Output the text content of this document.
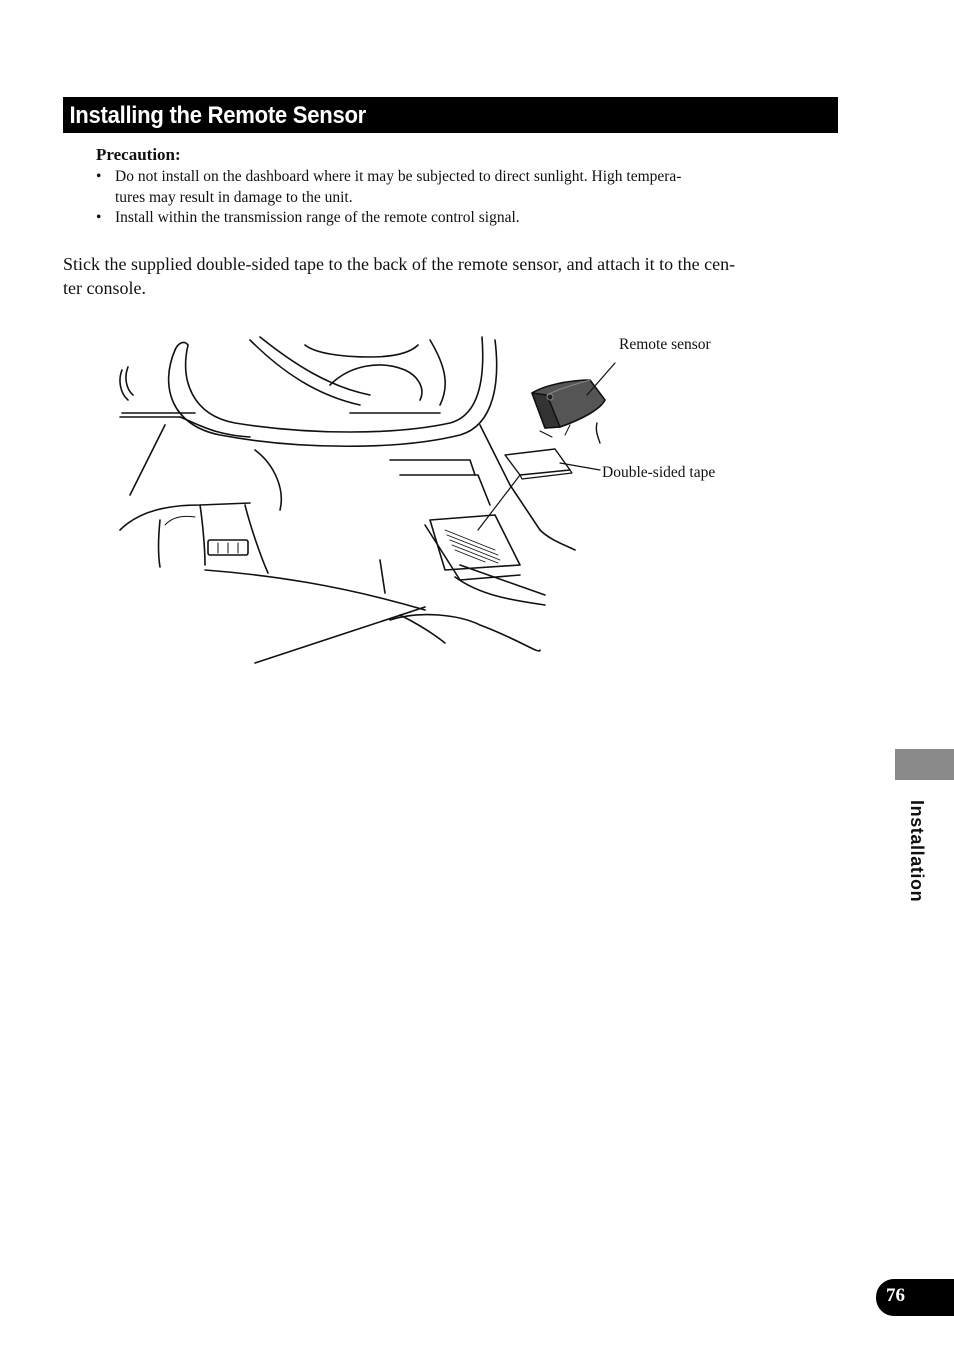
Installing the Remote Sensor
Precaution:
• Do not install on the dashboard where it may be subjected to direct sunlight. High tempera-
tures may result in damage to the unit.
• Install within the transmission range of the remote control signal.

Stick the supplied double-sided tape to the back of the remote sensor, and attach it to the cen-
ter console.

Remote sensor
Double-sided tape
Installation
76
